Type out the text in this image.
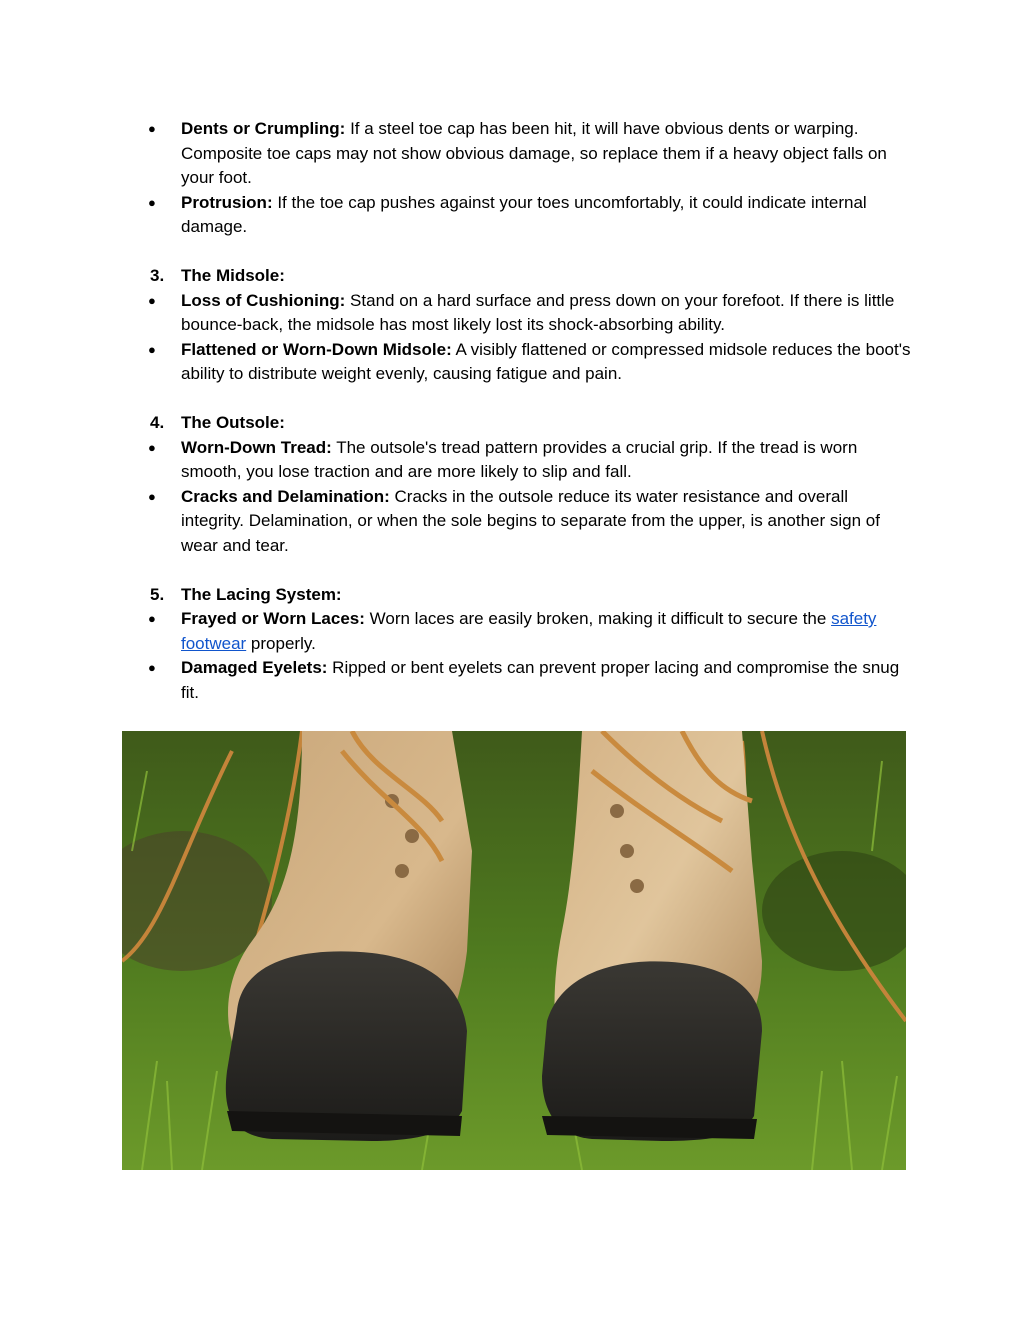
● Dents or Crumpling: If a steel toe cap has been hit, it will have obvious dents or warping. Composite toe caps may not show obvious damage, so replace them if a heavy object falls on your foot.
● Protrusion: If the toe cap pushes against your toes uncomfortably, it could indicate internal damage.
3. The Midsole:
● Loss of Cushioning: Stand on a hard surface and press down on your forefoot. If there is little bounce-back, the midsole has most likely lost its shock-absorbing ability.
● Flattened or Worn-Down Midsole: A visibly flattened or compressed midsole reduces the boot's ability to distribute weight evenly, causing fatigue and pain.
4. The Outsole:
● Worn-Down Tread: The outsole's tread pattern provides a crucial grip. If the tread is worn smooth, you lose traction and are more likely to slip and fall.
● Cracks and Delamination: Cracks in the outsole reduce its water resistance and overall integrity. Delamination, or when the sole begins to separate from the upper, is another sign of wear and tear.
5. The Lacing System:
● Frayed or Worn Laces: Worn laces are easily broken, making it difficult to secure the safety footwear properly.
● Damaged Eyelets: Ripped or bent eyelets can prevent proper lacing and compromise the snug fit.
